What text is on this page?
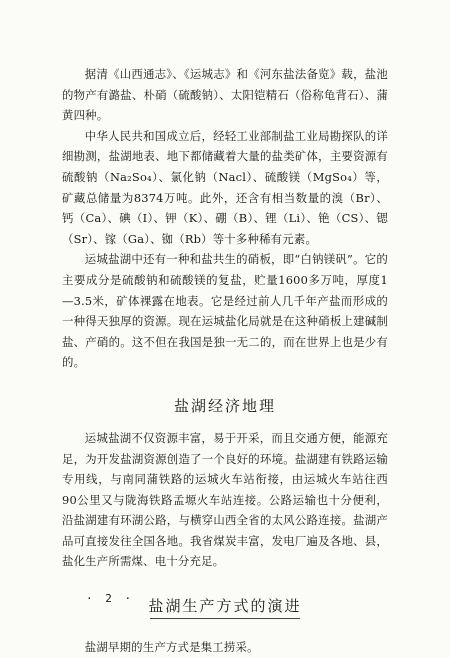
据清《山西通志》、《运城志》和《河东盐法备览》载，盐池的物产有潞盐、朴硝（硫酸钠）、太阳铠精石（俗称龟背石）、蒲黄四种。

中华人民共和国成立后，经轻工业部制盐工业局勘探队的详细勘测，盐湖地表、地下都储藏着大量的盐类矿体，主要资源有硫酸钠（Na₂So₄）、氯化钠（Nacl）、硫酸镁（MgSo₄）等，矿藏总储量为8374万吨。此外，还含有相当数量的溴（Br）、钙（Ca）、碘（I）、钾（K）、硼（B）、锂（Li）、铯（CS）、锶（Sr）、镓（Ga）、铷（Rb）等十多种稀有元素。

运城盐湖中还有一种和盐共生的硝板，即“白钠镁矾”。它的主要成分是硫酸钠和硫酸镁的复盐，贮量1600多万吨，厚度1—3.5米，矿体裸露在地表。它是经过前人几千年产盐而形成的一种得天独厚的资源。现在运城盐化局就是在这种硝板上建碱制盐、产硝的。这不但在我国是独一无二的，而在世界上也是少有的。

盐湖经济地理

运城盐湖不仅资源丰富，易于开采，而且交通方便，能源充足，为开发盐湖资源创造了一个良好的环境。盐湖建有铁路运输专用线，与南同蒲铁路的运城火车站衔接，由运城火车站往西90公里又与陇海铁路孟塬火车站连接。公路运输也十分便利，沿盐湖建有环湖公路，与横穿山西全省的太风公路连接。盐湖产品可直接发往全国各地。我省煤炭丰富，发电厂遍及各地、县，盐化生产所需煤、电十分充足。

盐湖生产方式的演进

盐湖早期的生产方式是集工捞采。

· 2 ·
